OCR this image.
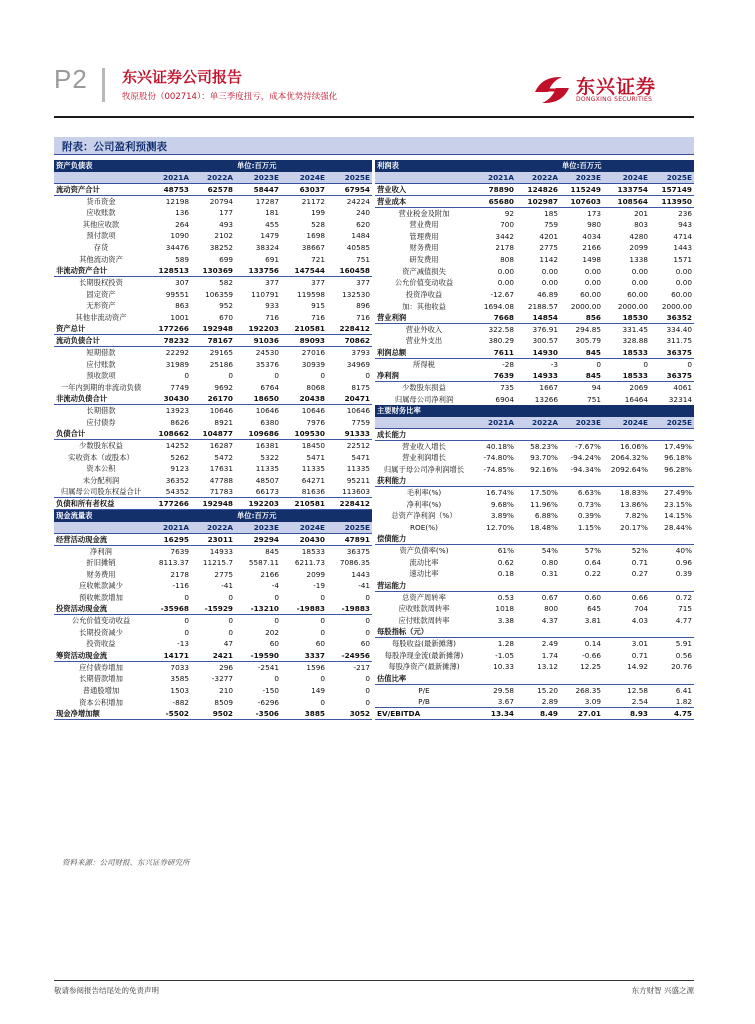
P2 东兴证券公司报告
牧原股份（002714）：单三季度扭亏，成本优势持续强化	东兴证券
DONGXING SECURITIES
附表：公司盈利预测表
资产负债表			单位:百万元		
	2021A	2022A	2023E	2024E	2025E
流动资产合计	48753	62578	58447	63037	67954
货币资金	12198	20794	17287	21172	24224
应收账款	136	177	181	199	240
其他应收款	264	493	455	528	620
预付款项	1090	2102	1479	1698	1484
存货	34476	38252	38324	38667	40585
其他流动资产	589	699	691	721	751
非流动资产合计	128513	130369	133756	147544	160458
长期股权投资	307	582	377	377	377
固定资产	99551	106359	110791	119598	132530
无形资产	863	952	933	915	896
其他非流动资产	1001	670	716	716	716
资产总计	177266	192948	192203	210581	228412
流动负债合计	78232	78167	91036	89093	70862
短期借款	22292	29165	24530	27016	3793
应付账款	31989	25186	35376	30939	34969
预收款项	0	0	0	0	0
一年内到期的非流动负债	7749	9692	6764	8068	8175
非流动负债合计	30430	26170	18650	20438	20471
长期借款	13923	10646	10646	10646	10646
应付债券	8626	8921	6380	7976	7759
负债合计	108662	104877	109686	109530	91333
少数股东权益	14252	16287	16381	18450	22512
实收资本（或股本）	5262	5472	5322	5471	5471
资本公积	9123	17631	11335	11335	11335
未分配利润	36352	47788	48507	64271	95211
归属母公司股东权益合计	54352	71783	66173	81636	113603
负债和所有者权益	177266	192948	192203	210581	228412
现金流量表			单位:百万元		
	2021A	2022A	2023E	2024E	2025E
经营活动现金流	16295	23011	29294	20430	47891
净利润	7639	14933	845	18533	36375
折旧摊销	8113.37	11215.7	5587.11	6211.73	7086.35
财务费用	2178	2775	2166	2099	1443
应收帐款减少	-116	-41	-4	-19	-41
预收帐款增加	0	0	0	0	0
投资活动现金流	-35968	-15929	-13210	-19883	-19883
公允价值变动收益	0	0	0	0	0
长期投资减少	0	0	202	0	0
投资收益	-13	47	60	60	60
筹资活动现金流	14171	2421	-19590	3337	-24956
应付债券增加	7033	296	-2541	1596	-217
长期借款增加	3585	-3277	0	0	0
普通股增加	1503	210	-150	149	0
资本公积增加	-882	8509	-6296	0	0
现金净增加额	-5502	9502	-3506	3885	3052
利润表			单位:百万元		
	2021A	2022A	2023E	2024E	2025E
营业收入	78890	124826	115249	133754	157149
营业成本	65680	102987	107603	108564	113950
营业税金及附加	92	185	173	201	236
营业费用	700	759	980	803	943
管理费用	3442	4201	4034	4280	4714
财务费用	2178	2775	2166	2099	1443
研发费用	808	1142	1498	1338	1571
资产减值损失	0.00	0.00	0.00	0.00	0.00
公允价值变动收益	0.00	0.00	0.00	0.00	0.00
投资净收益	-12.67	46.89	60.00	60.00	60.00
加：其他收益	1694.08	2188.57	2000.00	2000.00	2000.00
营业利润	7668	14854	856	18530	36352
营业外收入	322.58	376.91	294.85	331.45	334.40
营业外支出	380.29	300.57	305.79	328.88	311.75
利润总额	7611	14930	845	18533	36375
所得税	-28	-3	0	0	0
净利润	7639	14933	845	18533	36375
少数股东损益	735	1667	94	2069	4061
归属母公司净利润	6904	13266	751	16464	32314
主要财务比率					
	2021A	2022A	2023E	2024E	2025E
成长能力					
营业收入增长	40.18%	58.23%	-7.67%	16.06%	17.49%
营业利润增长	-74.80%	93.70%	-94.24%	2064.32%	96.18%
归属于母公司净利润增长	-74.85%	92.16%	-94.34%	2092.64%	96.28%
获利能力					
毛利率(%)	16.74%	17.50%	6.63%	18.83%	27.49%
净利率(%)	9.68%	11.96%	0.73%	13.86%	23.15%
总资产净利润（%）	3.89%	6.88%	0.39%	7.82%	14.15%
ROE(%)	12.70%	18.48%	1.15%	20.17%	28.44%
偿债能力					
资产负债率(%)	61%	54%	57%	52%	40%
流动比率	0.62	0.80	0.64	0.71	0.96
速动比率	0.18	0.31	0.22	0.27	0.39
营运能力					
总资产周转率	0.53	0.67	0.60	0.66	0.72
应收账款周转率	1018	800	645	704	715
应付账款周转率	3.38	4.37	3.81	4.03	4.77
每股指标（元）					
每股收益(最新摊薄)	1.28	2.49	0.14	3.01	5.91
每股净现金流(最新摊薄)	-1.05	1.74	-0.66	0.71	0.56
每股净资产(最新摊薄)	10.33	13.12	12.25	14.92	20.76
估值比率					
P/E	29.58	15.20	268.35	12.58	6.41
P/B	3.67	2.89	3.09	2.54	1.82
EV/EBITDA	13.34	8.49	27.01	8.93	4.75
资料来源：公司财报、东兴证券研究所
敬请参阅报告结尾处的免责声明	东方财智 兴盛之源
